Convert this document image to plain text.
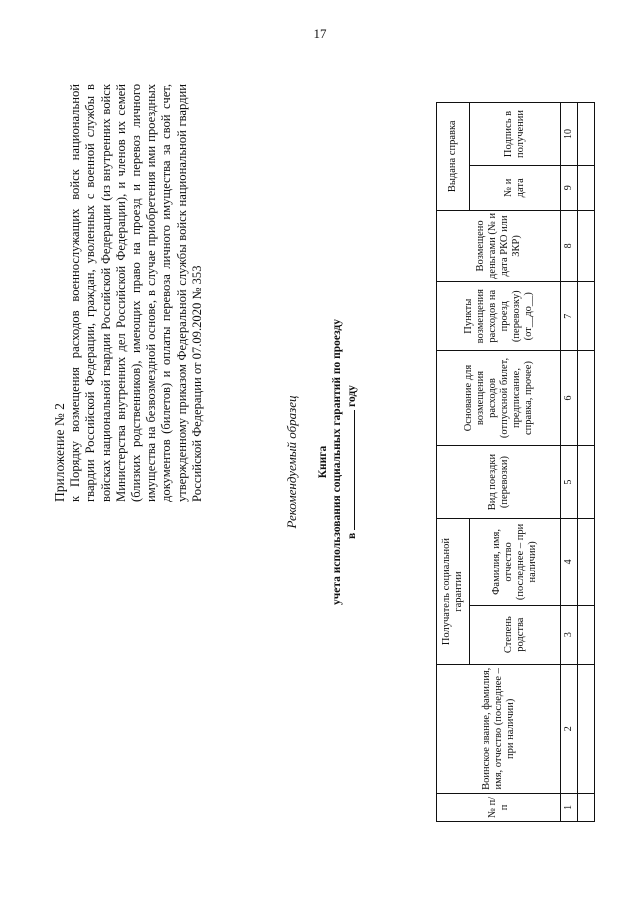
17

Приложение № 2 к Порядку возмещения расходов военнослужащих войск национальной гвардии Российской Федерации, граждан, уволенных с военной службы в войсках национальной гвардии Российской Федерации (из внутренних войск Министерства внутренних дел Российской Федерации), и членов их семей (близких родственников), имеющих право на проезд и перевоз личного имущества на безвозмездной основе, в случае приобретения ими проездных документов (билетов) и оплаты перевоза личного имущества за свой счет, утвержденному приказом Федеральной службы войск национальной гвардии Российской Федерации от 07.09.2020 № 353	Рекомендуемый образец Книга учета использования социальных гарантий по проезду в  году
№ п/п	Воинское звание, фамилия, имя, отчество (последнее – при наличии)	Получатель социальной гарантии		Вид поездки (перевозки)	Основание для возмещения расходов (отпускной билет, предписание, справка, прочее)	Пункты возмещения расходов на проезд (перевозку) (от__до__)	Возмещено деньгами (№ и дата РКО или ЗКР)	Выдана справка	
		Степень родства	Фамилия, имя, отчество (последнее – при наличии)					№ и дата	Подпись в получении
1	2	3	4	5	6	7	8	9	10
